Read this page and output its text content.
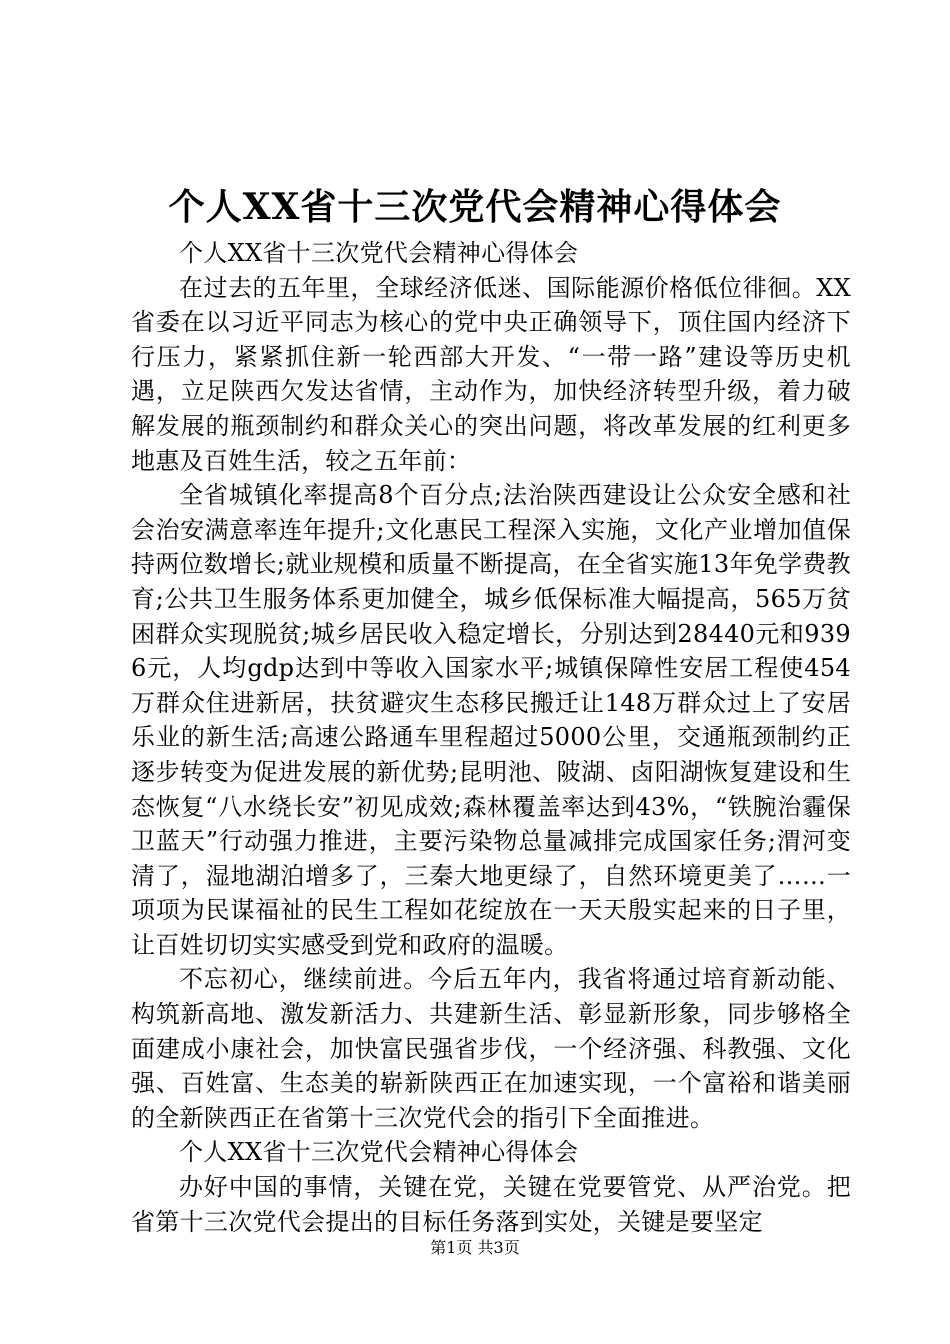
个人XX省十三次党代会精神心得体会

个人XX省十三次党代会精神心得体会

在过去的五年里，全球经济低迷、国际能源价格低位徘徊。XX省委在以习近平同志为核心的党中央正确领导下，顶住国内经济下行压力，紧紧抓住新一轮西部大开发、“一带一路”建设等历史机遇，立足陕西欠发达省情，主动作为，加快经济转型升级，着力破解发展的瓶颈制约和群众关心的突出问题，将改革发展的红利更多地惠及百姓生活，较之五年前：

全省城镇化率提高8个百分点;法治陕西建设让公众安全感和社会治安满意率连年提升;文化惠民工程深入实施，文化产业增加值保持两位数增长;就业规模和质量不断提高，在全省实施13年免学费教育;公共卫生服务体系更加健全，城乡低保标准大幅提高，565万贫困群众实现脱贫;城乡居民收入稳定增长，分别达到28440元和9396元，人均gdp达到中等收入国家水平;城镇保障性安居工程使454万群众住进新居，扶贫避灾生态移民搬迁让148万群众过上了安居乐业的新生活;高速公路通车里程超过5000公里，交通瓶颈制约正逐步转变为促进发展的新优势;昆明池、陂湖、卤阳湖恢复建设和生态恢复“八水绕长安”初见成效;森林覆盖率达到43%，“铁腕治霾保卫蓝天”行动强力推进，主要污染物总量减排完成国家任务;渭河变清了，湿地湖泊增多了，三秦大地更绿了，自然环境更美了……一项项为民谋福祉的民生工程如花绽放在一天天殷实起来的日子里，让百姓切切实实感受到党和政府的温暖。

不忘初心，继续前进。今后五年内，我省将通过培育新动能、构筑新高地、激发新活力、共建新生活、彰显新形象，同步够格全面建成小康社会，加快富民强省步伐，一个经济强、科教强、文化强、百姓富、生态美的崭新陕西正在加速实现，一个富裕和谐美丽的全新陕西正在省第十三次党代会的指引下全面推进。

个人XX省十三次党代会精神心得体会

办好中国的事情，关键在党，关键在党要管党、从严治党。把省第十三次党代会提出的目标任务落到实处，关键是要坚定

第1页 共3页
